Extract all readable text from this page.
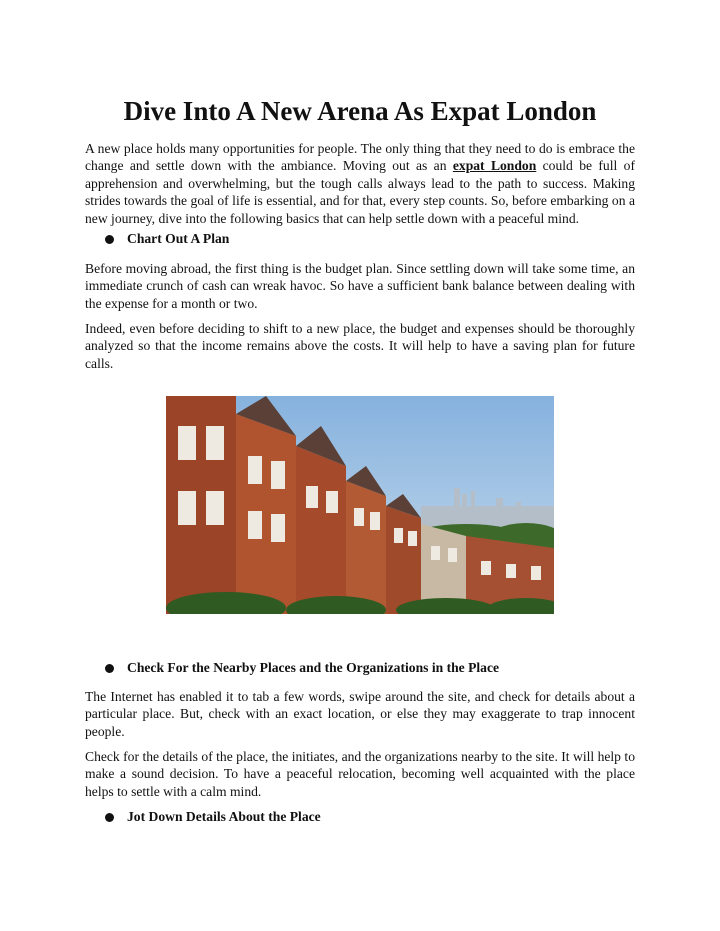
Dive Into A New Arena As Expat London

A new place holds many opportunities for people. The only thing that they need to do is embrace the change and settle down with the ambiance. Moving out as an expat London could be full of apprehension and overwhelming, but the tough calls always lead to the path to success. Making strides towards the goal of life is essential, and for that, every step counts. So, before embarking on a new journey, dive into the following basics that can help settle down with a peaceful mind.

Chart Out A Plan

Before moving abroad, the first thing is the budget plan. Since settling down will take some time, an immediate crunch of cash can wreak havoc. So have a sufficient bank balance between dealing with the expense for a month or two.

Indeed, even before deciding to shift to a new place, the budget and expenses should be thoroughly analyzed so that the income remains above the costs. It will help to have a saving plan for future calls.

Check For the Nearby Places and the Organizations in the Place

The Internet has enabled it to tab a few words, swipe around the site, and check for details about a particular place. But, check with an exact location, or else they may exaggerate to trap innocent people.

Check for the details of the place, the initiates, and the organizations nearby to the site. It will help to make a sound decision. To have a peaceful relocation, becoming well acquainted with the place helps to settle with a calm mind.

Jot Down Details About the Place
